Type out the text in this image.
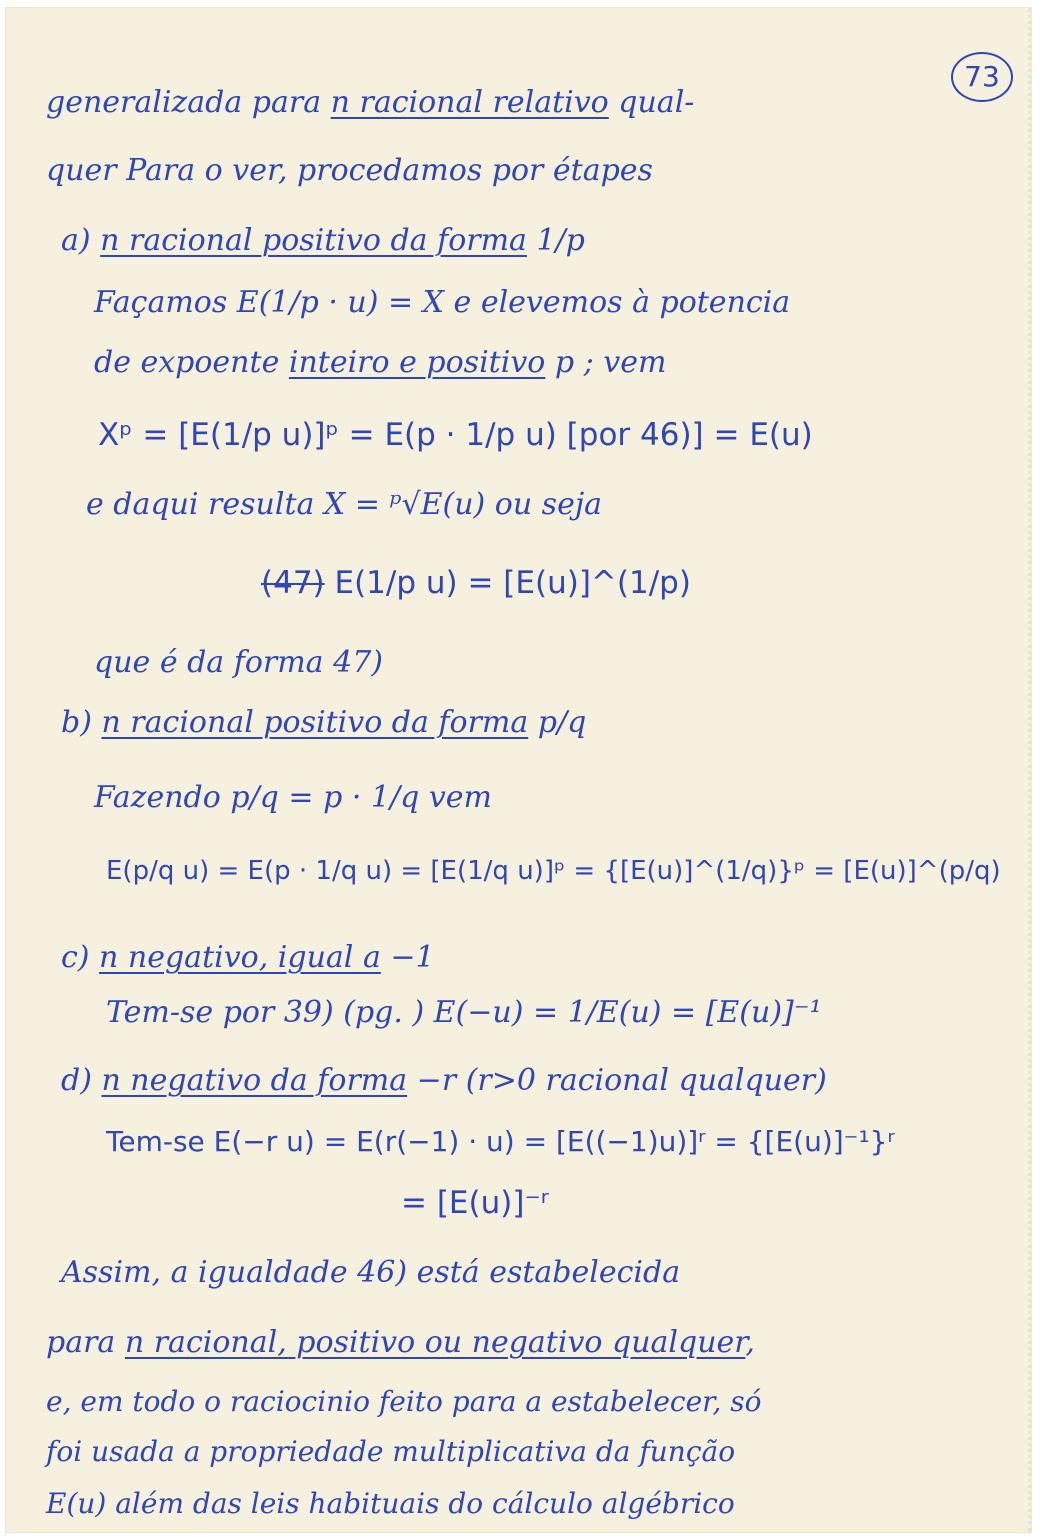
73
generalizada para n racional relativo qual-
quer Para o ver, procedamos por étapes
a) n racional positivo da forma 1/p
Façamos E(1/p · u) = X e elevemos à potencia
de expoente inteiro e positivo p ; vem
Xᵖ = [E(1/p u)]ᵖ = E(p · 1/p u) [por 46)] = E(u)
e daqui resulta X = ᵖ√E(u) ou seja
(47) E(1/p u) = [E(u)]^(1/p)
que é da forma 47)
b) n racional positivo da forma p/q
Fazendo p/q = p · 1/q vem
E(p/q u) = E(p · 1/q u) = [E(1/q u)]ᵖ = {[E(u)]^(1/q)}ᵖ = [E(u)]^(p/q)
c) n negativo, igual a −1
Tem-se por 39) (pg. ) E(−u) = 1/E(u) = [E(u)]⁻¹
d) n negativo da forma −r (r>0 racional qualquer)
Tem-se E(−r u) = E(r(−1) · u) = [E((−1)u)]ʳ = {[E(u)]⁻¹}ʳ
= [E(u)]⁻ʳ
Assim, a igualdade 46) está estabelecida
para n racional, positivo ou negativo qualquer,
e, em todo o raciocinio feito para a estabelecer, só
foi usada a propriedade multiplicativa da função
E(u) além das leis habituais do cálculo algébrico
